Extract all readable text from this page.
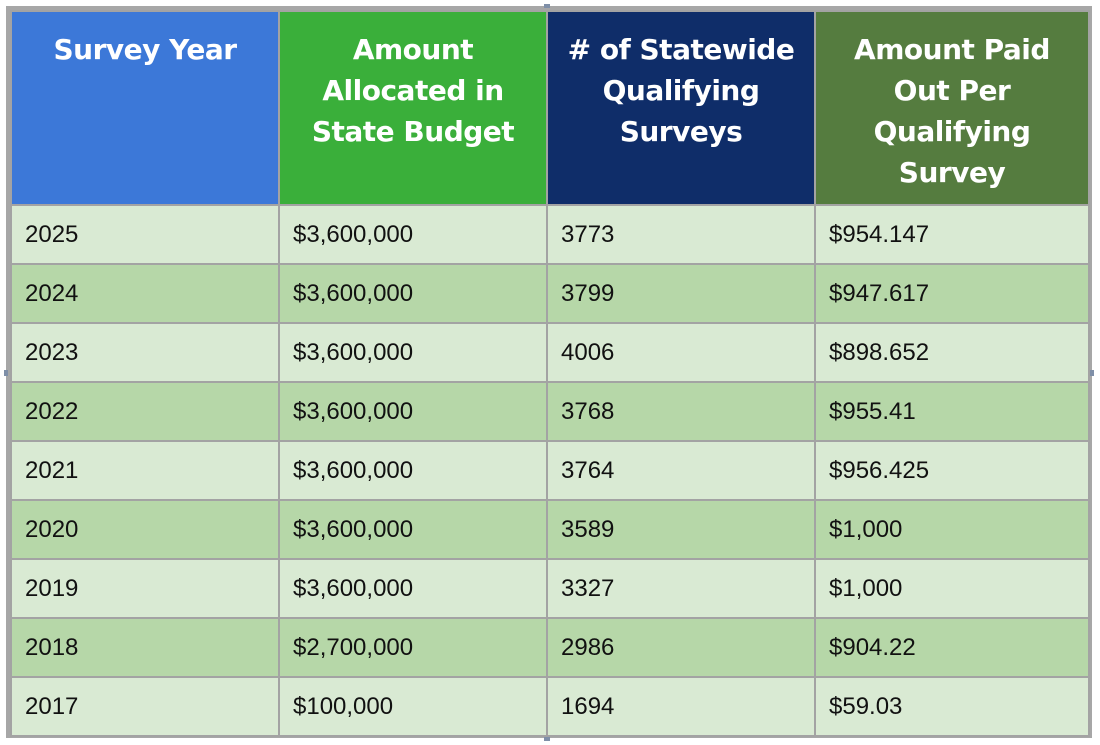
Survey Year	Amount Allocated in State Budget	# of Statewide Qualifying Surveys	Amount Paid Out Per Qualifying Survey
2025	$3,600,000	3773	$954.147
2024	$3,600,000	3799	$947.617
2023	$3,600,000	4006	$898.652
2022	$3,600,000	3768	$955.41
2021	$3,600,000	3764	$956.425
2020	$3,600,000	3589	$1,000
2019	$3,600,000	3327	$1,000
2018	$2,700,000	2986	$904.22
2017	$100,000	1694	$59.03
